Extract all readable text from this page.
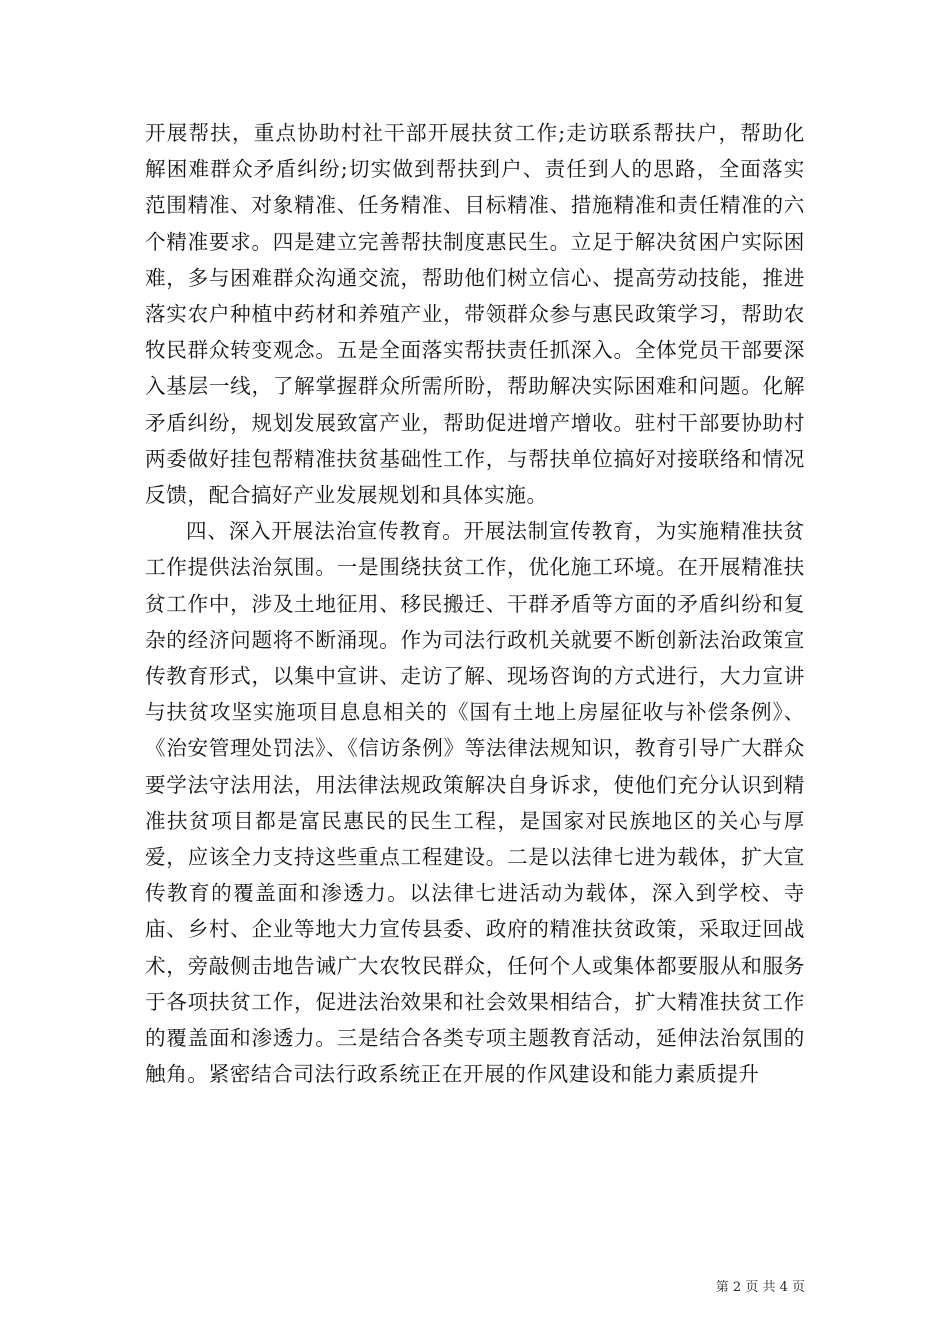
开展帮扶，重点协助村社干部开展扶贫工作;走访联系帮扶户，帮助化解困难群众矛盾纠纷;切实做到帮扶到户、责任到人的思路，全面落实范围精准、对象精准、任务精准、目标精准、措施精准和责任精准的六个精准要求。四是建立完善帮扶制度惠民生。立足于解决贫困户实际困难，多与困难群众沟通交流，帮助他们树立信心、提高劳动技能，推进落实农户种植中药材和养殖产业，带领群众参与惠民政策学习，帮助农牧民群众转变观念。五是全面落实帮扶责任抓深入。全体党员干部要深入基层一线，了解掌握群众所需所盼，帮助解决实际困难和问题。化解矛盾纠纷，规划发展致富产业，帮助促进增产增收。驻村干部要协助村两委做好挂包帮精准扶贫基础性工作，与帮扶单位搞好对接联络和情况反馈，配合搞好产业发展规划和具体实施。

四、深入开展法治宣传教育。开展法制宣传教育，为实施精准扶贫工作提供法治氛围。一是围绕扶贫工作，优化施工环境。在开展精准扶贫工作中，涉及土地征用、移民搬迁、干群矛盾等方面的矛盾纠纷和复杂的经济问题将不断涌现。作为司法行政机关就要不断创新法治政策宣传教育形式，以集中宣讲、走访了解、现场咨询的方式进行，大力宣讲与扶贫攻坚实施项目息息相关的《国有土地上房屋征收与补偿条例》、《治安管理处罚法》、《信访条例》等法律法规知识，教育引导广大群众要学法守法用法，用法律法规政策解决自身诉求，使他们充分认识到精准扶贫项目都是富民惠民的民生工程，是国家对民族地区的关心与厚爱，应该全力支持这些重点工程建设。二是以法律七进为载体，扩大宣传教育的覆盖面和渗透力。以法律七进活动为载体，深入到学校、寺庙、乡村、企业等地大力宣传县委、政府的精准扶贫政策，采取迂回战术，旁敲侧击地告诫广大农牧民群众，任何个人或集体都要服从和服务于各项扶贫工作，促进法治效果和社会效果相结合，扩大精准扶贫工作的覆盖面和渗透力。三是结合各类专项主题教育活动，延伸法治氛围的触角。紧密结合司法行政系统正在开展的作风建设和能力素质提升

第 2 页 共 4 页
